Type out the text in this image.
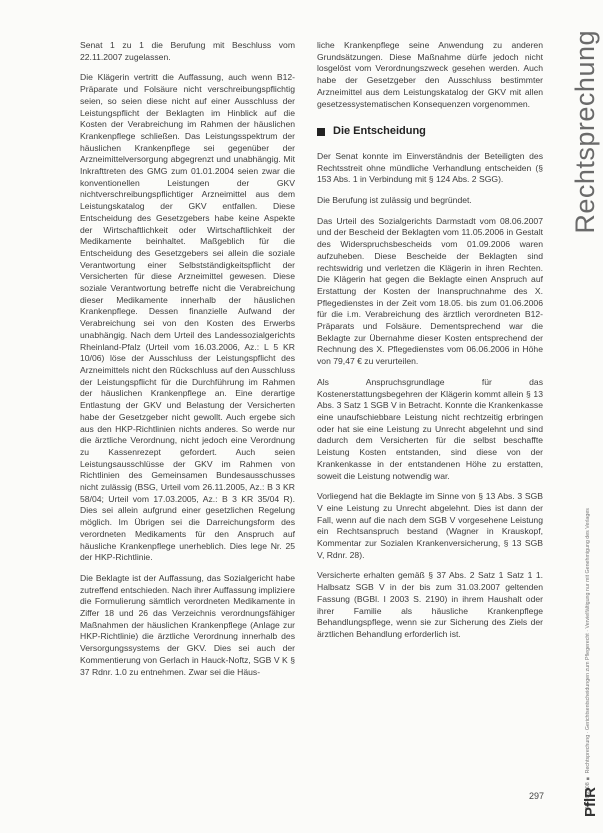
Senat 1 zu 1 die Berufung mit Beschluss vom 22.11.2007 zugelassen.

Die Klägerin vertritt die Auffassung, auch wenn B12-Präparate und Folsäure nicht verschreibungspflichtig seien, so seien diese nicht auf einer Ausschluss der Leistungspflicht der Beklagten im Hinblick auf die Kosten der Verabreichung im Rahmen der häuslichen Krankenpflege schließen. Das Leistungsspektrum der häuslichen Krankenpflege sei gegenüber der Arzneimittelversorgung abgegrenzt und unabhängig. Mit Inkrafttreten des GMG zum 01.01.2004 seien zwar die konventionellen Leistungen der GKV nichtverschreibungspflichtiger Arzneimittel aus dem Leistungskatalog der GKV entfallen. Diese Entscheidung des Gesetzgebers habe keine Aspekte der Wirtschaftlichkeit oder Wirtschaftlichkeit der Medikamente beinhaltet. Maßgeblich für die Entscheidung des Gesetzgebers sei allein die soziale Verantwortung einer Selbstständigkeitspflicht der Versicherten für diese Arzneimittel gewesen. Diese soziale Verantwortung betreffe nicht die Verabreichung dieser Medikamente innerhalb der häuslichen Krankenpflege. Dessen finanzielle Aufwand der Verabreichung sei von den Kosten des Erwerbs unabhängig. Nach dem Urteil des Landessozialgerichts Rheinland-Pfalz (Urteil vom 16.03.2006, Az.: L 5 KR 10/06) löse der Ausschluss der Leistungspflicht des Arzneimittels nicht den Rückschluss auf den Ausschluss der Leistungspflicht für die Durchführung im Rahmen der häuslichen Krankenpflege an. Eine derartige Entlastung der GKV und Belastung der Versicherten habe der Gesetzgeber nicht gewollt. Auch ergebe sich aus den HKP-Richtlinien nichts anderes. So werde nur die ärztliche Verordnung, nicht jedoch eine Verordnung zu Kassenrezept gefordert. Auch seien Leistungsausschlüsse der GKV im Rahmen von Richtlinien des Gemeinsamen Bundesausschusses nicht zulässig (BSG, Urteil vom 26.11.2005, Az.: B 3 KR 58/04; Urteil vom 17.03.2005, Az.: B 3 KR 35/04 R). Dies sei allein aufgrund einer gesetzlichen Regelung möglich. Im Übrigen sei die Darreichungsform des verordneten Medikaments für den Anspruch auf häusliche Krankenpflege unerheblich. Dies lege Nr. 25 der HKP-Richtlinie.

Die Beklagte ist der Auffassung, das Sozialgericht habe zutreffend entschieden. Nach ihrer Auffassung impliziere die Formulierung sämtlich verordneten Medikamente in Ziffer 18 und 26 das Verzeichnis verordnungsfähiger Maßnahmen der häuslichen Krankenpflege (Anlage zur HKP-Richtlinie) die ärztliche Verordnung innerhalb des Versorgungssystems der GKV. Dies sei auch der Kommentierung von Gerlach in Hauck-Noftz, SGB V K § 37 Rdnr. 1.0 zu entnehmen. Zwar sei die Häus-

liche Krankenpflege seine Anwendung zu anderen Grundsätzungen. Diese Maßnahme dürfe jedoch nicht losgelöst vom Verordnungszweck gesehen werden. Auch habe der Gesetzgeber den Ausschluss bestimmter Arzneimittel aus dem Leistungskatalog der GKV mit allen gesetzessystematischen Konsequenzen vorgenommen.

Die Entscheidung

Der Senat konnte im Einverständnis der Beteiligten des Rechtsstreit ohne mündliche Verhandlung entscheiden (§ 153 Abs. 1 in Verbindung mit § 124 Abs. 2 SGG).

Die Berufung ist zulässig und begründet.

Das Urteil des Sozialgerichts Darmstadt vom 08.06.2007 und der Bescheid der Beklagten vom 11.05.2006 in Gestalt des Widerspruchsbescheids vom 01.09.2006 waren aufzuheben. Diese Bescheide der Beklagten sind rechtswidrig und verletzen die Klägerin in ihren Rechten. Die Klägerin hat gegen die Beklagte einen Anspruch auf Erstattung der Kosten der Inanspruchnahme des X. Pflegedienstes in der Zeit vom 18.05. bis zum 01.06.2006 für die i.m. Verabreichung des ärztlich verordneten B12-Präparats und Folsäure. Dementsprechend war die Beklagte zur Übernahme dieser Kosten entsprechend der Rechnung des X. Pflegedienstes vom 06.06.2006 in Höhe von 79,47 € zu verurteilen.

Als Anspruchsgrundlage für das Kostenerstattungsbegehren der Klägerin kommt allein § 13 Abs. 3 Satz 1 SGB V in Betracht. Konnte die Krankenkasse eine unaufschiebbare Leistung nicht rechtzeitig erbringen oder hat sie eine Leistung zu Unrecht abgelehnt und sind dadurch dem Versicherten für die selbst beschaffte Leistung Kosten entstanden, sind diese von der Krankenkasse in der entstandenen Höhe zu erstatten, soweit die Leistung notwendig war.

Vorliegend hat die Beklagte im Sinne von § 13 Abs. 3 SGB V eine Leistung zu Unrecht abgelehnt. Dies ist dann der Fall, wenn auf die nach dem SGB V vorgesehene Leistung ein Rechtsanspruch bestand (Wagner in Krauskopf, Kommentar zur Sozialen Krankenversicherung, § 13 SGB V, Rdnr. 28).

Versicherte erhalten gemäß § 37 Abs. 2 Satz 1 Satz 1 1. Halbsatz SGB V in der bis zum 31.03.2007 geltenden Fassung (BGBl. I 2003 S. 2190) in ihrem Haushalt oder ihrer Familie als häusliche Krankenpflege Behandlungspflege, wenn sie zur Sicherung des Ziels der ärztlichen Behandlung erforderlich ist.

Rechtsprechung
PflR 6/2008 ■ Rechtsprechung · Gerichtsentscheidungen zum Pflegerecht · Vervielfältigung nur mit Genehmigung des Verlages
PflR
297
